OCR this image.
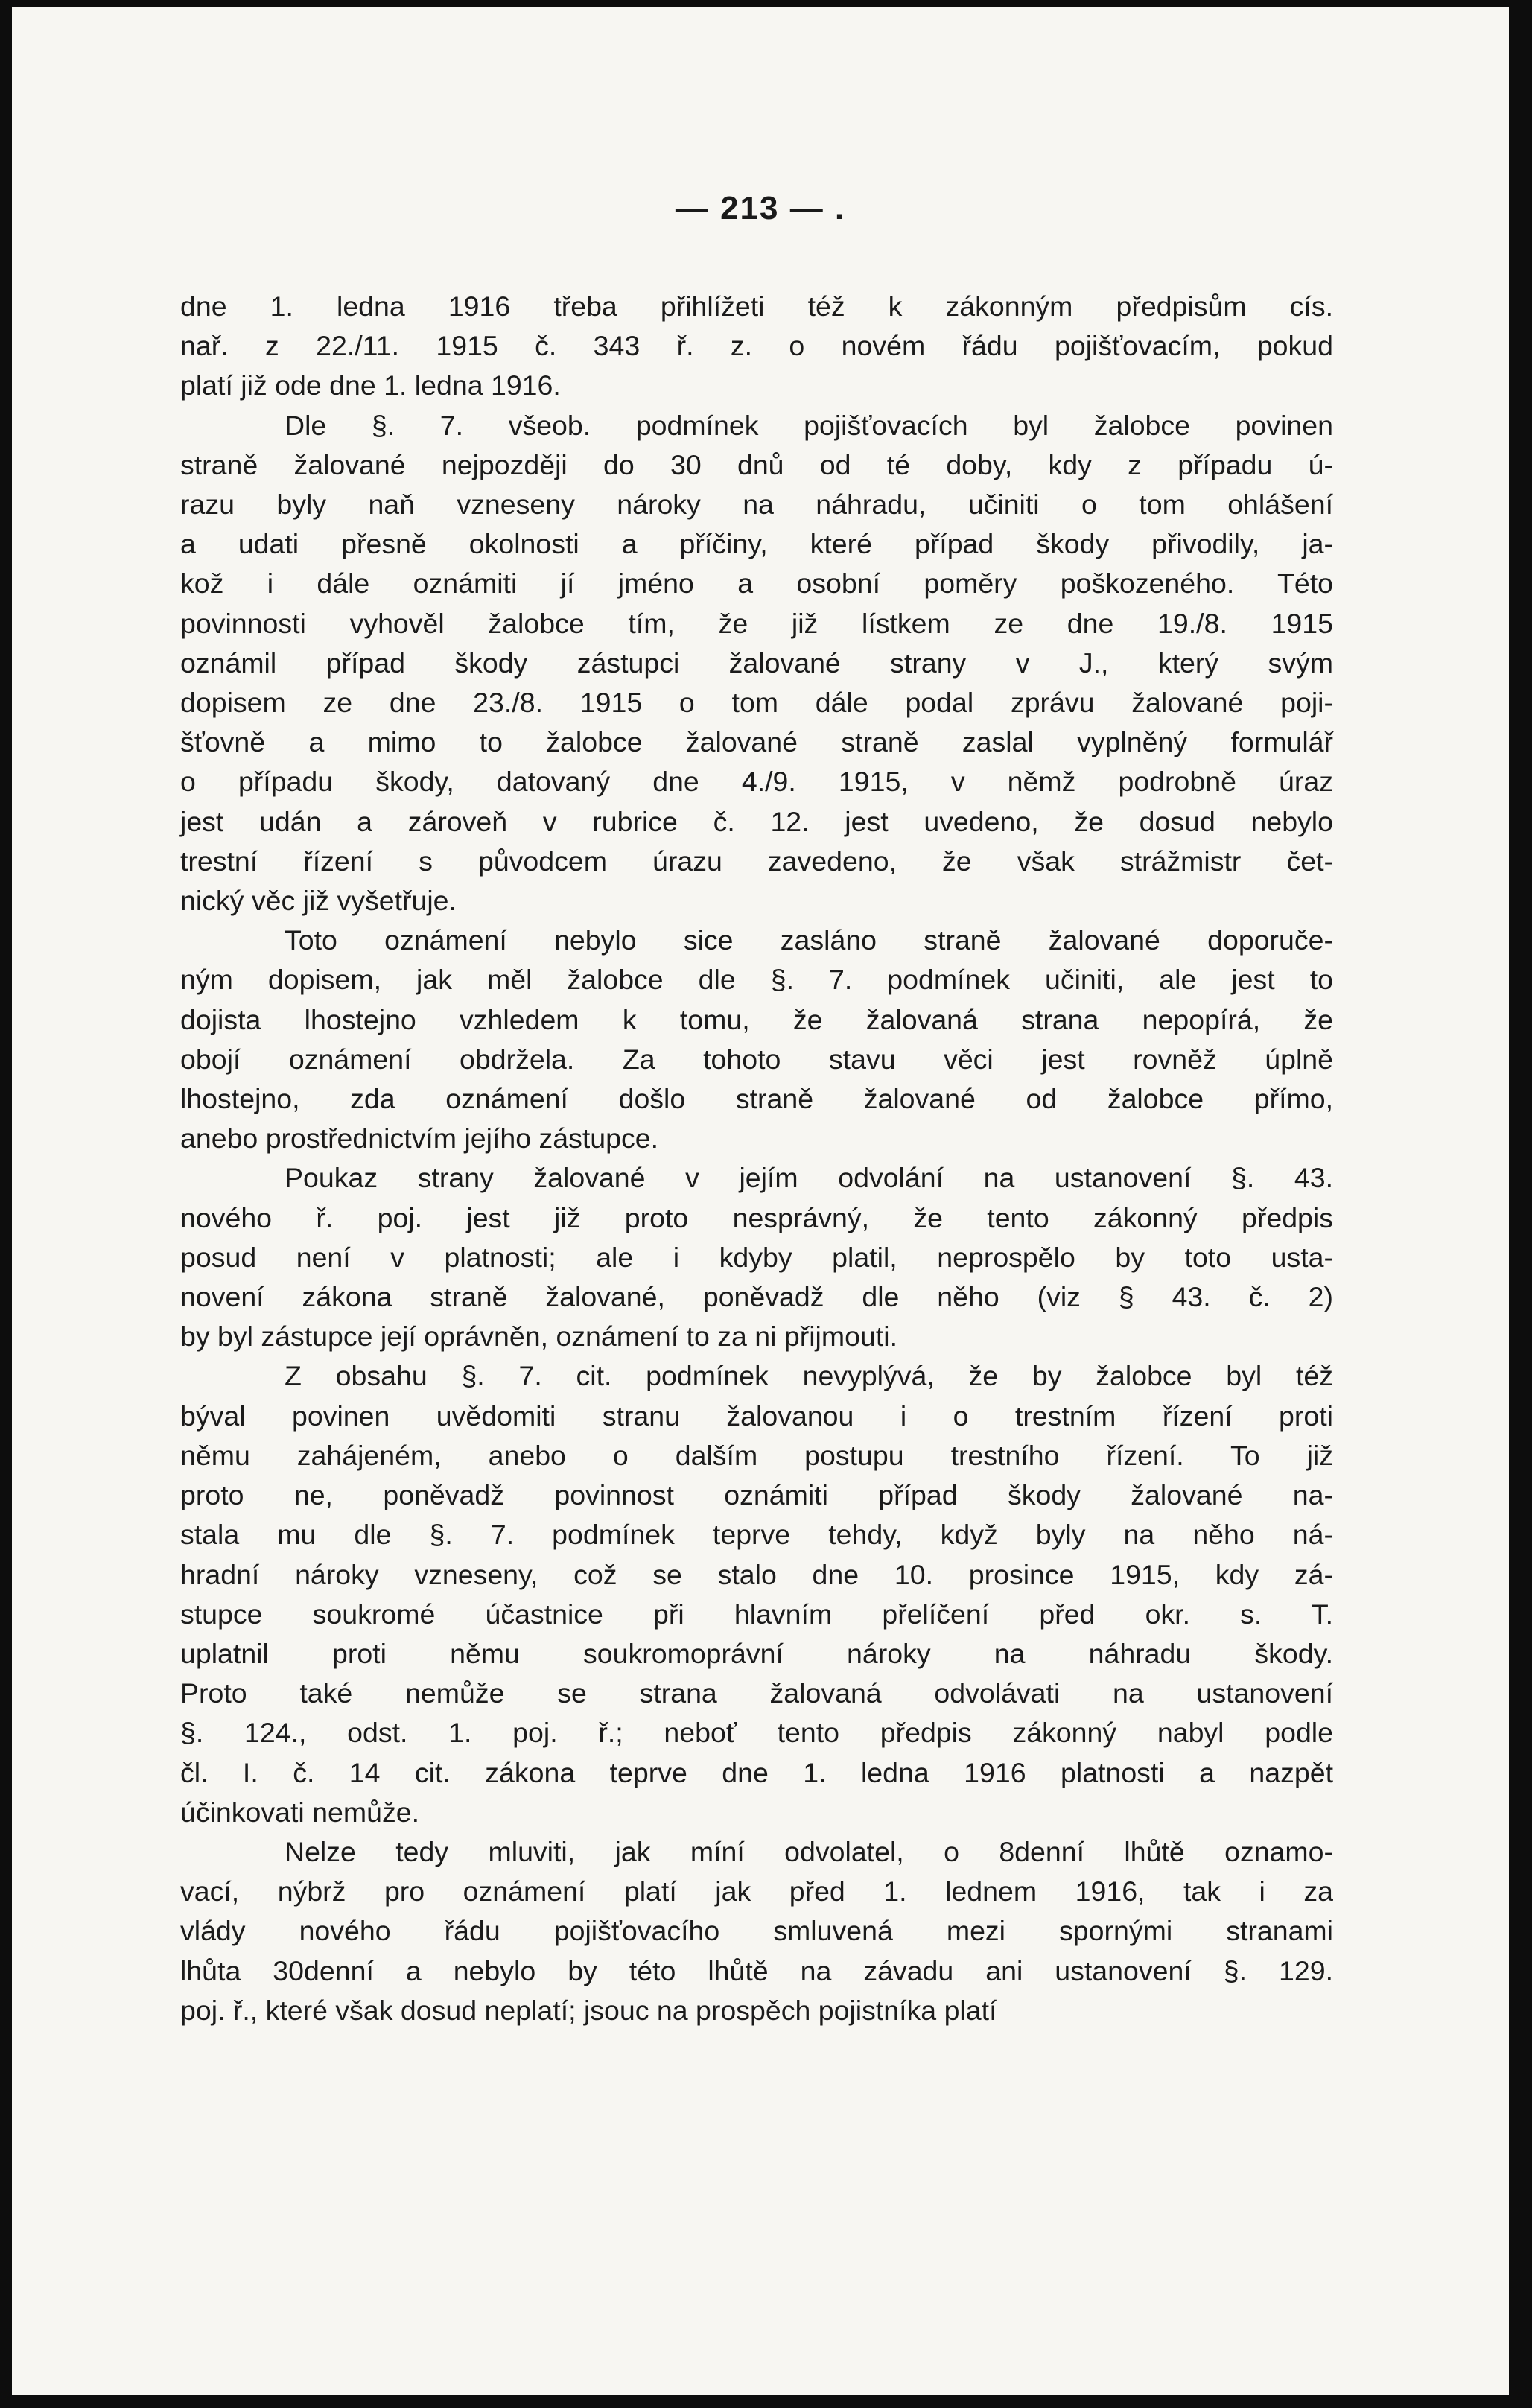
— 213 — .
dne 1. ledna 1916 třeba přihlížeti též k zákonným předpisům cís.
nař. z 22./11. 1915 č. 343 ř. z. o novém řádu pojišťovacím, pokud
platí již ode dne 1. ledna 1916.
Dle §. 7. všeob. podmínek pojišťovacích byl žalobce povinen
straně žalované nejpozději do 30 dnů od té doby, kdy z případu ú-
razu byly naň vzneseny nároky na náhradu, učiniti o tom ohlášení
a udati přesně okolnosti a příčiny, které případ škody přivodily, ja-
kož i dále oznámiti jí jméno a osobní poměry poškozeného. Této
povinnosti vyhověl žalobce tím, že již lístkem ze dne 19./8. 1915
oznámil případ škody zástupci žalované strany v J., který svým
dopisem ze dne 23./8. 1915 o tom dále podal zprávu žalované poji-
šťovně a mimo to žalobce žalované straně zaslal vyplněný formulář
o případu škody, datovaný dne 4./9. 1915, v němž podrobně úraz
jest udán a zároveň v rubrice č. 12. jest uvedeno, že dosud nebylo
trestní řízení s původcem úrazu zavedeno, že však strážmistr čet-
nický věc již vyšetřuje.
Toto oznámení nebylo sice zasláno straně žalované doporuče-
ným dopisem, jak měl žalobce dle §. 7. podmínek učiniti, ale jest to
dojista lhostejno vzhledem k tomu, že žalovaná strana nepopírá, že
obojí oznámení obdržela. Za tohoto stavu věci jest rovněž úplně
lhostejno, zda oznámení došlo straně žalované od žalobce přímo,
anebo prostřednictvím jejího zástupce.
Poukaz strany žalované v jejím odvolání na ustanovení §. 43.
nového ř. poj. jest již proto nesprávný, že tento zákonný předpis
posud není v platnosti; ale i kdyby platil, neprospělo by toto usta-
novení zákona straně žalované, poněvadž dle něho (viz § 43. č. 2)
by byl zástupce její oprávněn, oznámení to za ni přijmouti.
Z obsahu §. 7. cit. podmínek nevyplývá, že by žalobce byl též
býval povinen uvědomiti stranu žalovanou i o trestním řízení proti
němu zahájeném, anebo o dalším postupu trestního řízení. To již
proto ne, poněvadž povinnost oznámiti případ škody žalované na-
stala mu dle §. 7. podmínek teprve tehdy, když byly na něho ná-
hradní nároky vzneseny, což se stalo dne 10. prosince 1915, kdy zá-
stupce soukromé účastnice při hlavním přelíčení před okr. s. T.
uplatnil proti němu soukromoprávní nároky na náhradu škody.
Proto také nemůže se strana žalovaná odvolávati na ustanovení
§. 124., odst. 1. poj. ř.; neboť tento předpis zákonný nabyl podle
čl. I. č. 14 cit. zákona teprve dne 1. ledna 1916 platnosti a nazpět
účinkovati nemůže.
Nelze tedy mluviti, jak míní odvolatel, o 8denní lhůtě oznamo-
vací, nýbrž pro oznámení platí jak před 1. lednem 1916, tak i za
vlády nového řádu pojišťovacího smluvená mezi spornými stranami
lhůta 30denní a nebylo by této lhůtě na závadu ani ustanovení §. 129.
poj. ř., které však dosud neplatí; jsouc na prospěch pojistníka platí
